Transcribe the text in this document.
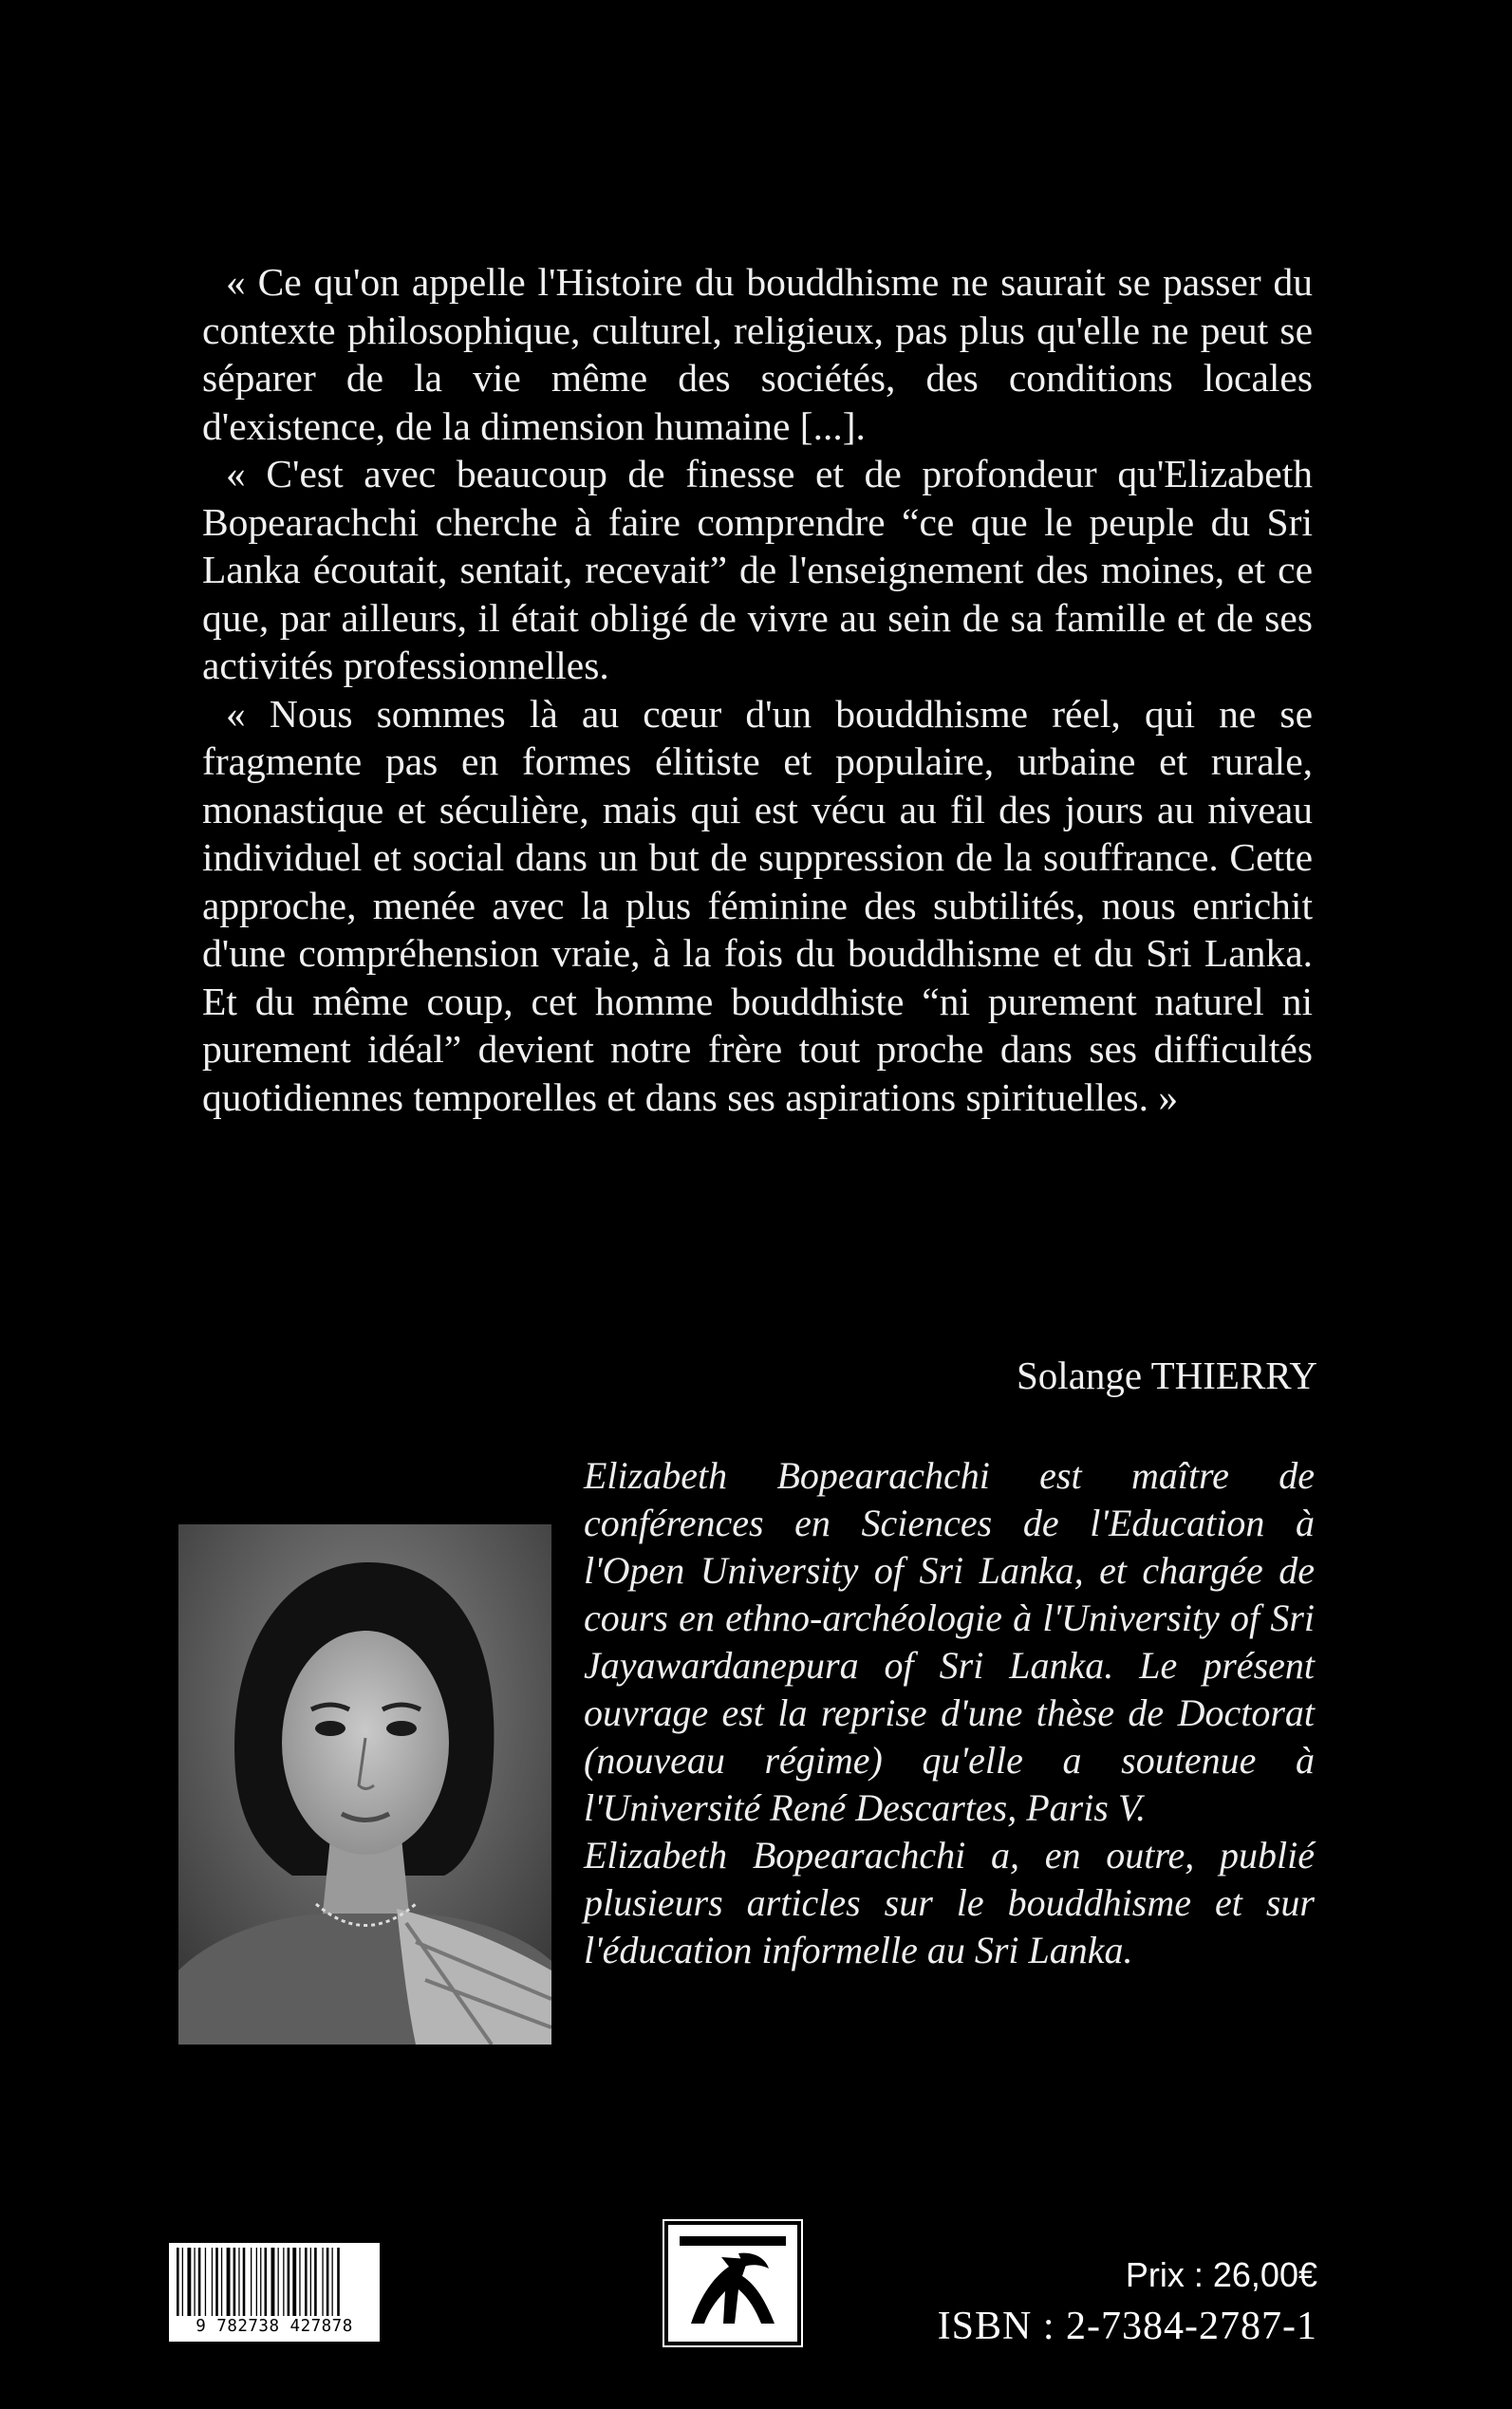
« Ce qu'on appelle l'Histoire du bouddhisme ne saurait se passer du contexte philosophique, culturel, religieux, pas plus qu'elle ne peut se séparer de la vie même des sociétés, des conditions locales d'existence, de la dimension humaine [...].

« C'est avec beaucoup de finesse et de profondeur qu'Elizabeth Bopearachchi cherche à faire comprendre “ce que le peuple du Sri Lanka écoutait, sentait, recevait” de l'enseignement des moines, et ce que, par ailleurs, il était obligé de vivre au sein de sa famille et de ses activités professionnelles.

« Nous sommes là au cœur d'un bouddhisme réel, qui ne se fragmente pas en formes élitiste et populaire, urbaine et rurale, monastique et séculière, mais qui est vécu au fil des jours au niveau individuel et social dans un but de suppression de la souffrance. Cette approche, menée avec la plus féminine des subtilités, nous enrichit d'une compréhension vraie, à la fois du bouddhisme et du Sri Lanka. Et du même coup, cet homme bouddhiste “ni purement naturel ni purement idéal” devient notre frère tout proche dans ses difficultés quotidiennes temporelles et dans ses aspirations spirituelles. »

Solange THIERRY

Elizabeth Bopearachchi est maître de conférences en Sciences de l'Education à l'Open University of Sri Lanka, et chargée de cours en ethno-archéologie à l'University of Sri Jayawardanepura of Sri Lanka. Le présent ouvrage est la reprise d'une thèse de Doctorat (nouveau régime) qu'elle a soutenue à l'Université René Descartes, Paris V.

Elizabeth Bopearachchi a, en outre, publié plusieurs articles sur le bouddhisme et sur l'éducation informelle au Sri Lanka.

9 782738 427878
Prix : 26,00€
ISBN : 2-7384-2787-1
